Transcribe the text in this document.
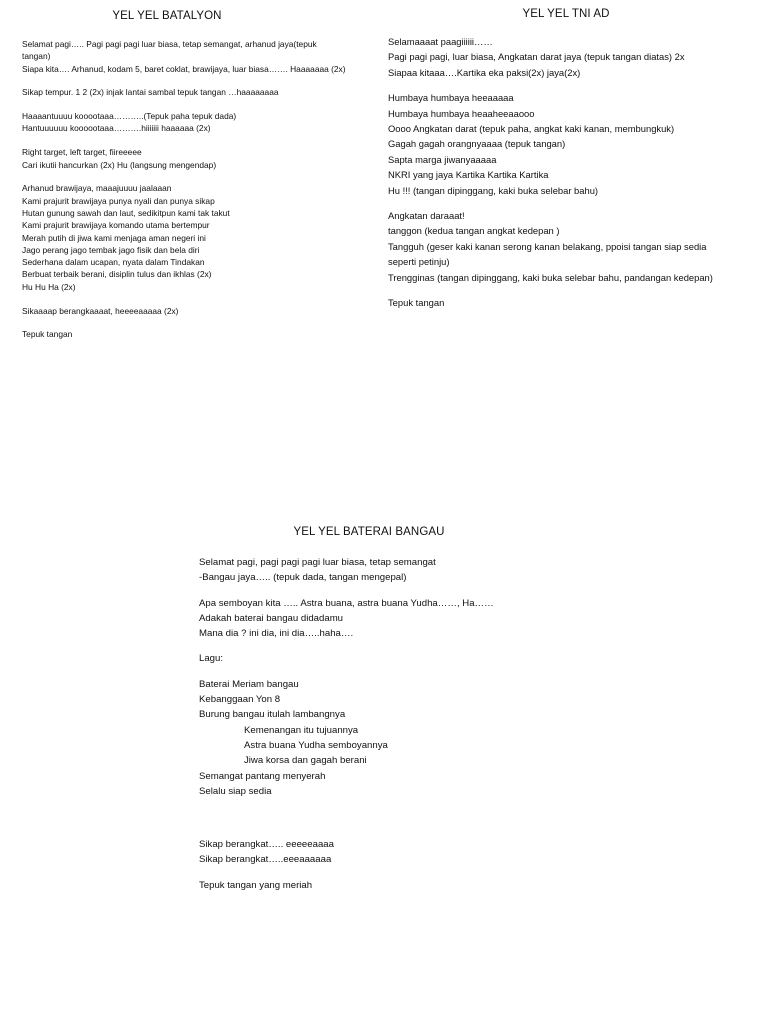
YEL YEL BATALYON
Selamat pagi….. Pagi pagi pagi luar biasa, tetap semangat, arhanud jaya(tepuk
tangan)
Siapa kita…. Arhanud, kodam 5, baret coklat, brawijaya, luar biasa……. Haaaaaaa (2x)
Sikap tempur. 1 2 (2x) injak lantai sambal tepuk tangan …haaaaaaaa
Haaaantuuuu kooootaaa………..(Tepuk paha tepuk dada)
Hantuuuuuu koooootaaa……….hiiiiiii haaaaaa (2x)
Right target, left target, fiireeeee
Cari ikutii hancurkan (2x) Hu (langsung mengendap)
Arhanud brawijaya, maaajuuuu jaalaaan
Kami prajurit brawijaya punya nyali dan punya sikap
Hutan gunung sawah dan laut, sedikitpun kami tak takut
Kami prajurit brawijaya komando utama bertempur
Merah putih di jiwa kami menjaga aman negeri ini
Jago perang jago tembak jago fisik dan bela diri
Sederhana dalam ucapan, nyata dalam Tindakan
Berbuat terbaik berani, disiplin tulus dan ikhlas (2x)
Hu Hu Ha (2x)
Sikaaaap berangkaaaat, heeeeaaaaa (2x)
Tepuk tangan
YEL YEL TNI AD
Selamaaaat paagiiiiii……
Pagi pagi pagi, luar biasa, Angkatan darat jaya (tepuk tangan diatas) 2x
Siapaa kitaaa….Kartika eka paksi(2x) jaya(2x)
Humbaya humbaya heeaaaaa
Humbaya humbaya heaaheeaaooo
Oooo Angkatan darat (tepuk paha, angkat kaki kanan, membungkuk)
Gagah gagah orangnyaaaa (tepuk tangan)
Sapta marga jiwanyaaaaa
NKRI yang jaya Kartika Kartika Kartika
Hu !!! (tangan dipinggang, kaki buka selebar bahu)
Angkatan daraaat!
tanggon (kedua tangan angkat kedepan )
Tangguh (geser kaki kanan serong kanan belakang, ppoisi tangan siap sedia
seperti petinju)
Trengginas (tangan dipinggang, kaki buka selebar bahu, pandangan kedepan)
Tepuk tangan
YEL YEL BATERAI BANGAU
Selamat pagi, pagi pagi pagi luar biasa, tetap semangat
-Bangau jaya….. (tepuk dada, tangan mengepal)
Apa semboyan kita ….. Astra buana, astra buana Yudha……, Ha……
Adakah baterai bangau didadamu
Mana dia ? ini dia, ini dia…..haha….
Lagu:
Baterai Meriam bangau
Kebanggaan Yon 8
Burung bangau itulah lambangnya
Kemenangan itu tujuannya
Astra buana Yudha semboyannya
Jiwa korsa dan gagah berani
Semangat pantang menyerah
Selalu siap sedia
Sikap berangkat….. eeeeeaaaa
Sikap berangkat…..eeeaaaaaa
Tepuk tangan yang meriah
